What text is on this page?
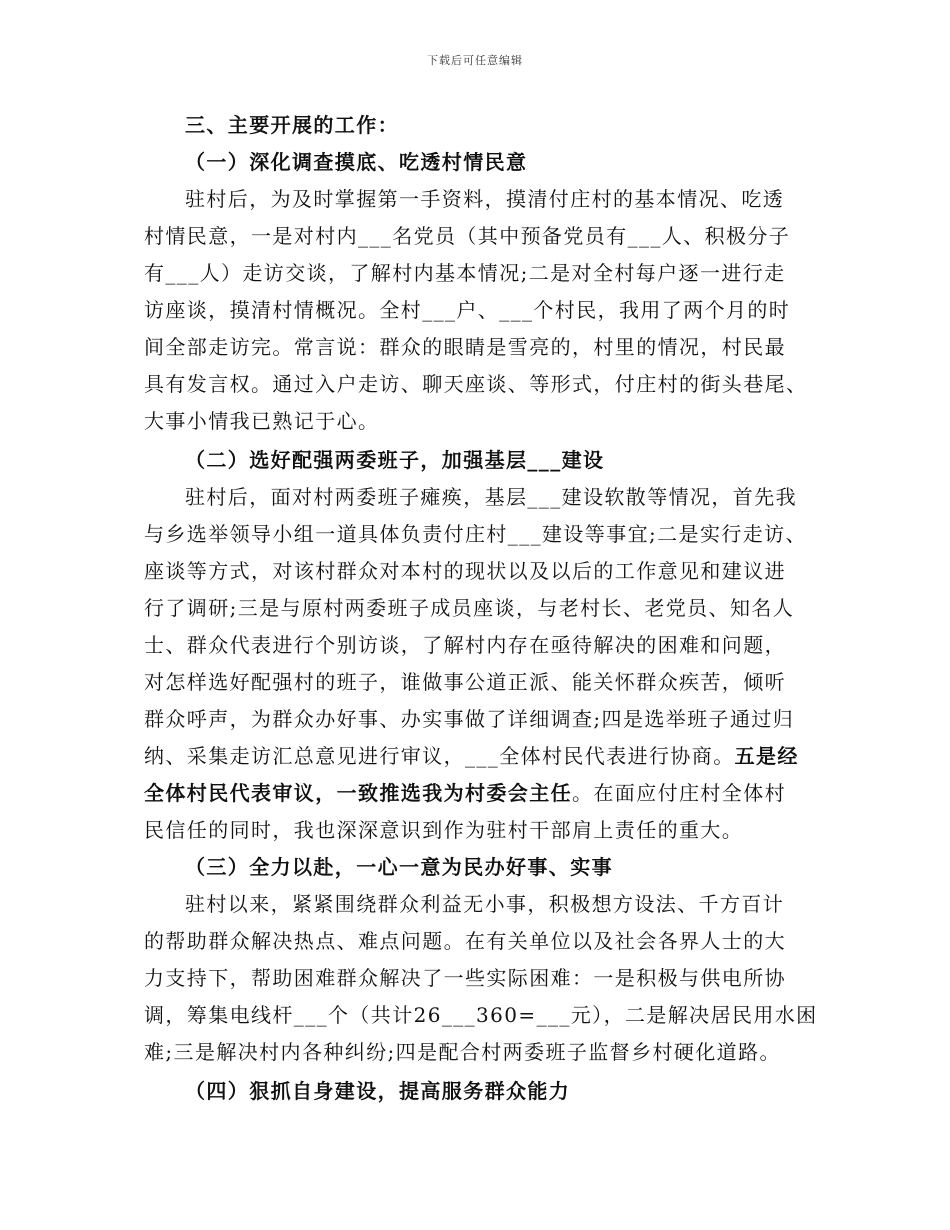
下载后可任意编辑
三、主要开展的工作：
（一）深化调查摸底、吃透村情民意
驻村后，为及时掌握第一手资料，摸清付庄村的基本情况、吃透
村情民意，一是对村内___名党员（其中预备党员有___人、积极分子
有___人）走访交谈，了解村内基本情况;二是对全村每户逐一进行走
访座谈，摸清村情概况。全村___户、___个村民，我用了两个月的时
间全部走访完。常言说：群众的眼睛是雪亮的，村里的情况，村民最
具有发言权。通过入户走访、聊天座谈、等形式，付庄村的街头巷尾、
大事小情我已熟记于心。
（二）选好配强两委班子，加强基层___建设
驻村后，面对村两委班子瘫痪，基层___建设软散等情况，首先我
与乡选举领导小组一道具体负责付庄村___建设等事宜;二是实行走访、
座谈等方式，对该村群众对本村的现状以及以后的工作意见和建议进
行了调研;三是与原村两委班子成员座谈，与老村长、老党员、知名人
士、群众代表进行个别访谈，了解村内存在亟待解决的困难和问题，
对怎样选好配强村的班子，谁做事公道正派、能关怀群众疾苦，倾听
群众呼声，为群众办好事、办实事做了详细调查;四是选举班子通过归
纳、采集走访汇总意见进行审议，___全体村民代表进行协商。五是经
全体村民代表审议，一致推选我为村委会主任。在面应付庄村全体村
民信任的同时，我也深深意识到作为驻村干部肩上责任的重大。
（三）全力以赴，一心一意为民办好事、实事
驻村以来，紧紧围绕群众利益无小事，积极想方设法、千方百计
的帮助群众解决热点、难点问题。在有关单位以及社会各界人士的大
力支持下，帮助困难群众解决了一些实际困难：一是积极与供电所协
调，筹集电线杆___个（共计26___360=___元），二是解决居民用水困
难;三是解决村内各种纠纷;四是配合村两委班子监督乡村硬化道路。
（四）狠抓自身建设，提高服务群众能力
